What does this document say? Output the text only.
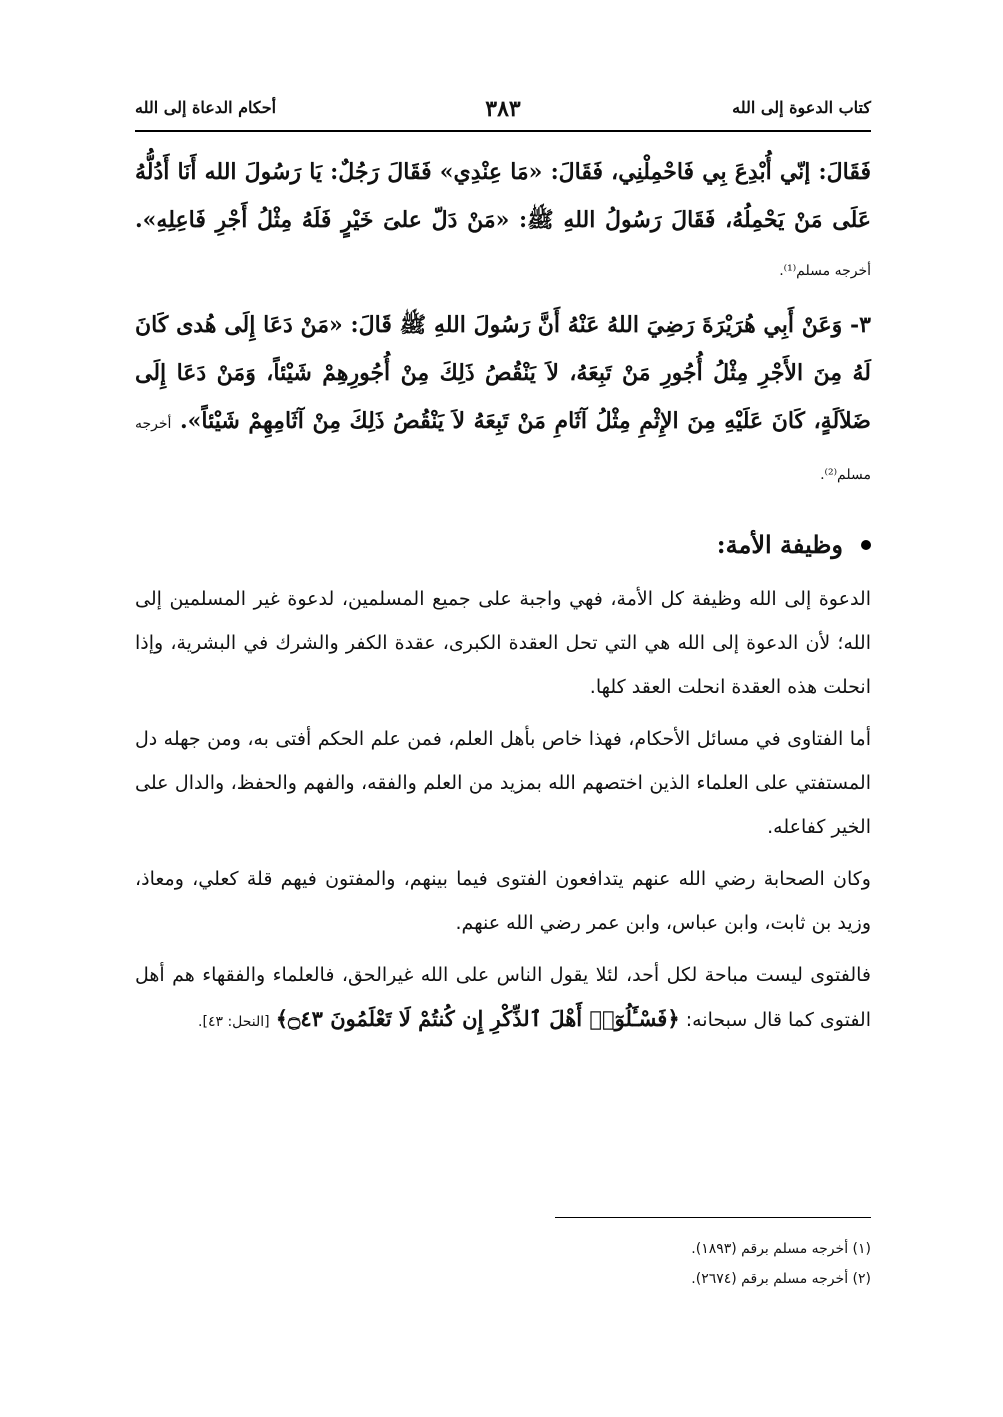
كتاب الدعوة إلى الله
٣٨٣
أحكام الدعاة إلى الله

فَقَالَ: إنّي أُبْدِعَ بِي فَاحْمِلْنِي، فَقَالَ: «مَا عِنْدِي» فَقَالَ رَجُلٌ: يَا رَسُولَ الله أَنَا أَدُلُّهُ عَلَى مَنْ يَحْمِلُهُ، فَقَالَ رَسُولُ اللهِ ﷺ: «مَنْ دَلّ علىَ خَيْرٍ فَلَهُ مِثْلُ أَجْرِ فَاعِلِهِ». أخرجه مسلم⁽¹⁾.

٣- وَعَنْ أَبِي هُرَيْرَةَ رَضِيَ اللهُ عَنْهُ أَنَّ رَسُولَ اللهِ ﷺ قَالَ: «مَنْ دَعَا إِلَى هُدى كَانَ لَهُ مِنَ الأَجْرِ مِثْلُ أُجُورِ مَنْ تَبِعَهُ، لاَ يَنْقُصُ ذَلِكَ مِنْ أُجُورِهِمْ شَيْئاً، وَمَنْ دَعَا إِلَى ضَلاَلَةٍ، كَانَ عَلَيْهِ مِنَ الإِثْمِ مِثْلُ آثَامِ مَنْ تَبِعَهُ لاَ يَنْقُصُ ذَلِكَ مِنْ آثَامِهِمْ شَيْئاً». أخرجه مسلم⁽²⁾.

وظيفة الأمة:

الدعوة إلى الله وظيفة كل الأمة، فهي واجبة على جميع المسلمين، لدعوة غير المسلمين إلى الله؛ لأن الدعوة إلى الله هي التي تحل العقدة الكبرى، عقدة الكفر والشرك في البشرية، وإذا انحلت هذه العقدة انحلت العقد كلها.

أما الفتاوى في مسائل الأحكام، فهذا خاص بأهل العلم، فمن علم الحكم أفتى به، ومن جهله دل المستفتي على العلماء الذين اختصهم الله بمزيد من العلم والفقه، والفهم والحفظ، والدال على الخير كفاعله.

وكان الصحابة رضي الله عنهم يتدافعون الفتوى فيما بينهم، والمفتون فيهم قلة كعلي، ومعاذ، وزيد بن ثابت، وابن عباس، وابن عمر رضي الله عنهم.

فالفتوى ليست مباحة لكل أحد، لئلا يقول الناس على الله غيرالحق، فالعلماء والفقهاء هم أهل الفتوى كما قال سبحانه: ﴿فَسْـَٔلُوٓا۟ أَهْلَ ٱلذِّكْرِ إِن كُنتُمْ لَا تَعْلَمُونَ ۝٤٣﴾ [النحل: ٤٣].

(١) أخرجه مسلم برقم (١٨٩٣).
(٢) أخرجه مسلم برقم (٢٦٧٤).
